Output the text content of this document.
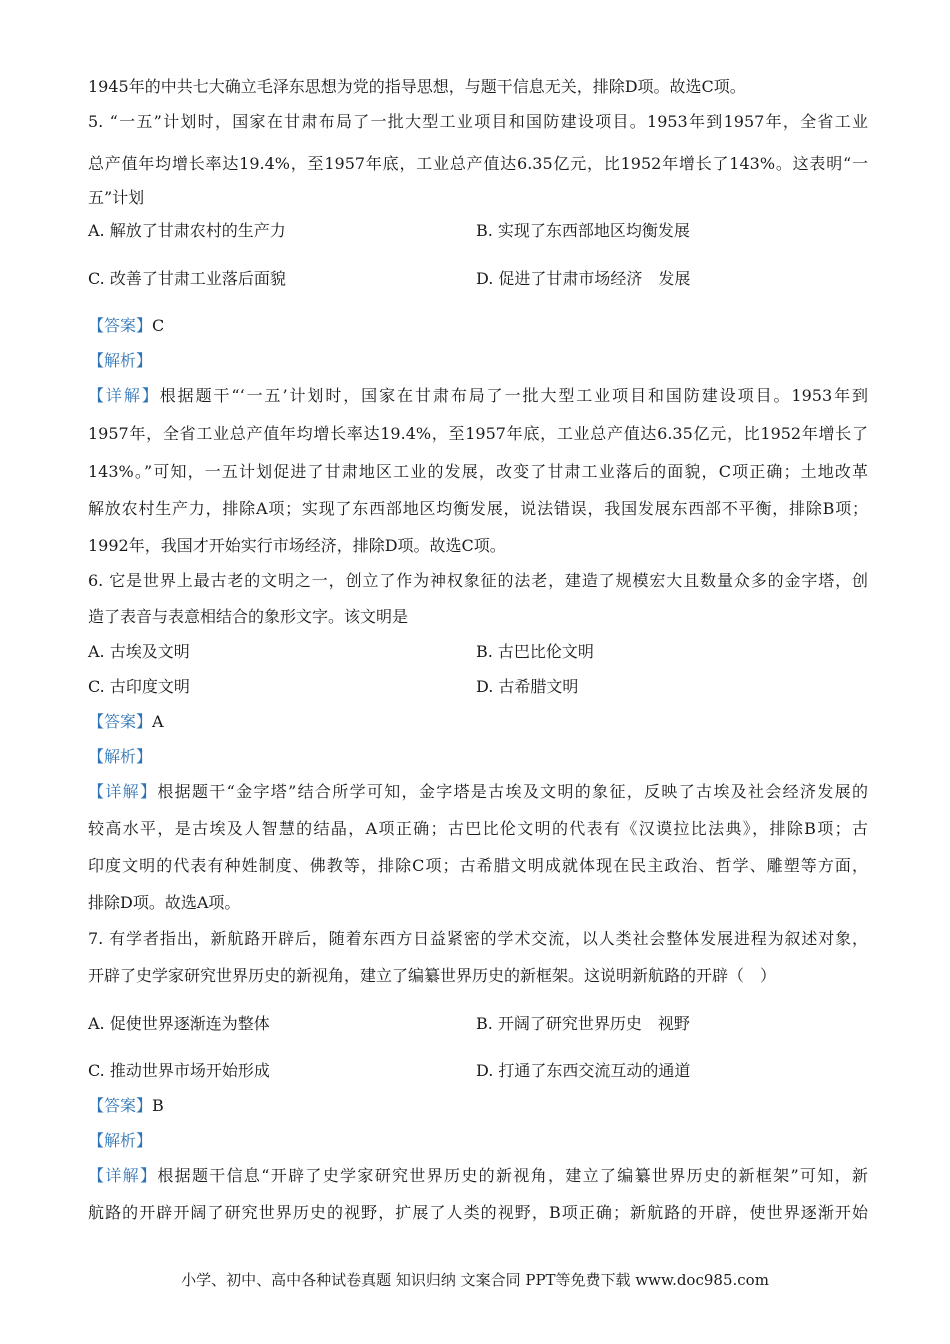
1945年的中共七大确立毛泽东思想为党的指导思想，与题干信息无关，排除D项。故选C项。
5. “一五”计划时，国家在甘肃布局了一批大型工业项目和国防建设项目。1953年到1957年，全省工业
总产值年均增长率达19.4%，至1957年底，工业总产值达6.35亿元，比1952年增长了143%。这表明“一
五”计划
A. 解放了甘肃农村的生产力	B. 实现了东西部地区均衡发展
C. 改善了甘肃工业落后面貌	D. 促进了甘肃市场经济　发展
【答案】C
【解析】
【详解】根据题干“‘一五’计划时，国家在甘肃布局了一批大型工业项目和国防建设项目。1953年到
1957年，全省工业总产值年均增长率达19.4%，至1957年底，工业总产值达6.35亿元，比1952年增长了
143%。”可知，一五计划促进了甘肃地区工业的发展，改变了甘肃工业落后的面貌，C项正确；土地改革
解放农村生产力，排除A项；实现了东西部地区均衡发展，说法错误，我国发展东西部不平衡，排除B项；
1992年，我国才开始实行市场经济，排除D项。故选C项。
6. 它是世界上最古老的文明之一，创立了作为神权象征的法老，建造了规模宏大且数量众多的金字塔，创
造了表音与表意相结合的象形文字。该文明是
A. 古埃及文明	B. 古巴比伦文明
C. 古印度文明	D. 古希腊文明
【答案】A
【解析】
【详解】根据题干“金字塔”结合所学可知，金字塔是古埃及文明的象征，反映了古埃及社会经济发展的
较高水平，是古埃及人智慧的结晶，A项正确；古巴比伦文明的代表有《汉谟拉比法典》，排除B项；古
印度文明的代表有种姓制度、佛教等，排除C项；古希腊文明成就体现在民主政治、哲学、雕塑等方面，
排除D项。故选A项。
7. 有学者指出，新航路开辟后，随着东西方日益紧密的学术交流，以人类社会整体发展进程为叙述对象，
开辟了史学家研究世界历史的新视角，建立了编纂世界历史的新框架。这说明新航路的开辟（　）
A. 促使世界逐渐连为整体	B. 开阔了研究世界历史　视野
C. 推动世界市场开始形成	D. 打通了东西交流互动的通道
【答案】B
【解析】
【详解】根据题干信息“开辟了史学家研究世界历史的新视角，建立了编纂世界历史的新框架”可知，新
航路的开辟开阔了研究世界历史的视野，扩展了人类的视野，B项正确；新航路的开辟，使世界逐渐开始
小学、初中、高中各种试卷真题 知识归纳 文案合同 PPT等免费下载 www.doc985.com
